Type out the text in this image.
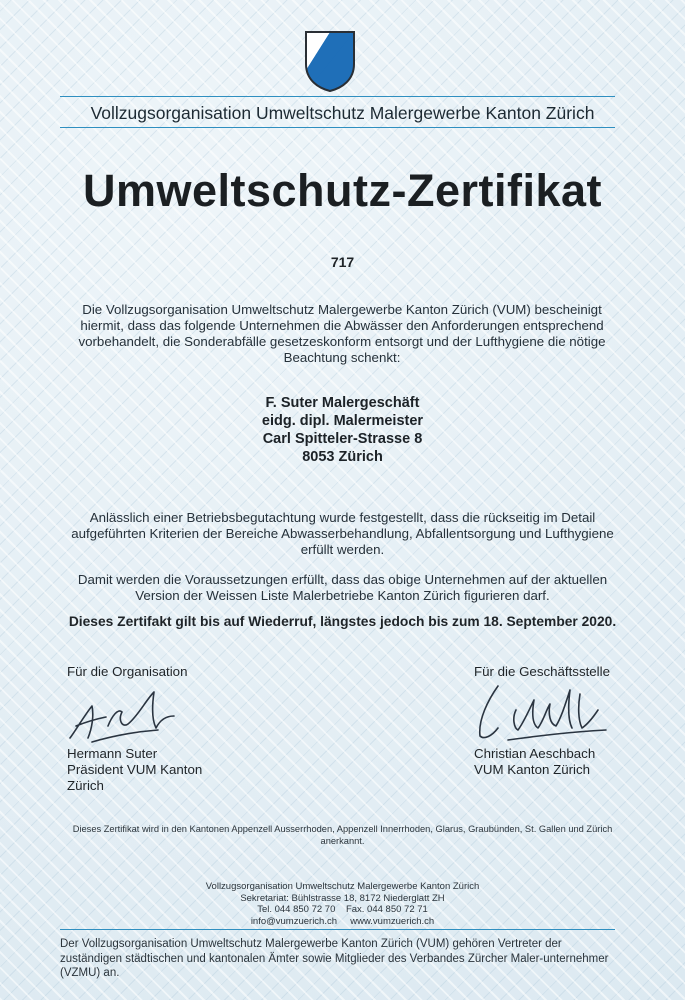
Vollzugsorganisation Umweltschutz Malergewerbe Kanton Zürich
Umweltschutz-Zertifikat
717
Die Vollzugsorganisation Umweltschutz Malergewerbe Kanton Zürich (VUM) bescheinigt hiermit, dass das folgende Unternehmen die Abwässer den Anforderungen entsprechend vorbehandelt, die Sonderabfälle gesetzeskonform entsorgt und der Lufthygiene die nötige Beachtung schenkt:
F. Suter Malergeschäft
eidg. dipl. Malermeister
Carl Spitteler-Strasse 8
8053 Zürich
Anlässlich einer Betriebsbegutachtung wurde festgestellt, dass die rückseitig im Detail aufgeführten Kriterien der Bereiche Abwasserbehandlung, Abfallentsorgung und Lufthygiene erfüllt werden.
Damit werden die Voraussetzungen erfüllt, dass das obige Unternehmen auf der aktuellen Version der Weissen Liste Malerbetriebe Kanton Zürich figurieren darf.
Dieses Zertifakt gilt bis auf Wiederruf, längstes jedoch bis zum 18. September 2020.
Für die Organisation	Für die Geschäftsstelle
Hermann Suter
Präsident VUM Kanton
Zürich
Christian Aeschbach
VUM Kanton Zürich
Dieses Zertifikat wird in den Kantonen Appenzell Ausserrhoden, Appenzell Innerrhoden, Glarus, Graubünden, St. Gallen und Zürich anerkannt.
Vollzugsorganisation Umweltschutz Malergewerbe Kanton Zürich
Sekretariat: Bühlstrasse 18, 8172 Niederglatt ZH
Tel. 044 850 72 70 Fax. 044 850 72 71
info@vumzuerich.ch www.vumzuerich.ch
Der Vollzugsorganisation Umweltschutz Malergewerbe Kanton Zürich (VUM) gehören Vertreter der zuständigen städtischen und kantonalen Ämter sowie Mitglieder des Verbandes Zürcher Maler-unternehmer (VZMU) an.
